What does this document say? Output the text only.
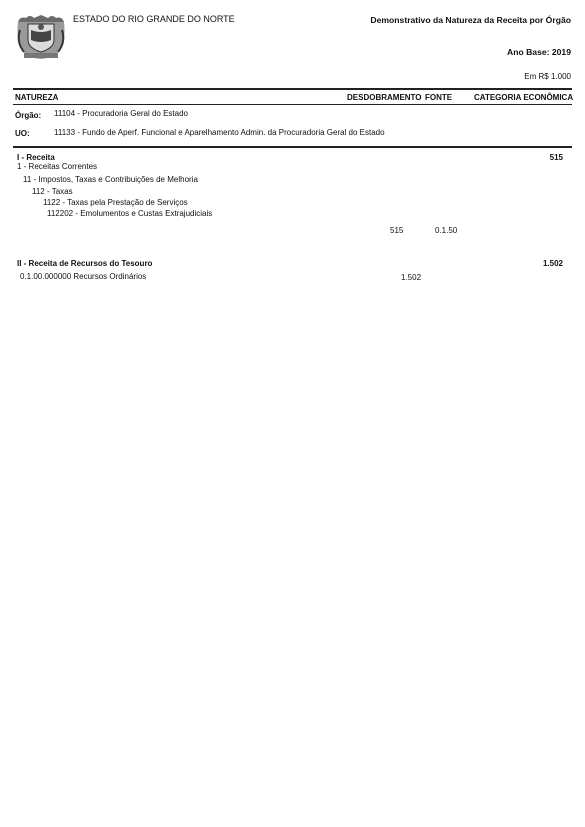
ESTADO DO RIO GRANDE DO NORTE	Demonstrativo da Natureza da Receita por Órgão
Ano Base: 2019
Em R$ 1.000
NATUREZA	DESDOBRAMENTO FONTE	CATEGORIA ECONÔMICA
Órgão: 11104 - Procuradoria Geral do Estado
UO:	11133 - Fundo de Aperf. Funcional e Aparelhamento Admin. da Procuradoria Geral do Estado
I - Receita	515
1 - Receitas Correntes
11 - Impostos, Taxas e Contribuições de Melhoria
112 - Taxas
1122 - Taxas pela Prestação de Serviços
112202 - Emolumentos e Custas Extrajudiciais
515	0.1.50
II - Receita de Recursos do Tesouro	1.502
0.1.00.000000 Recursos Ordinários	1.502
